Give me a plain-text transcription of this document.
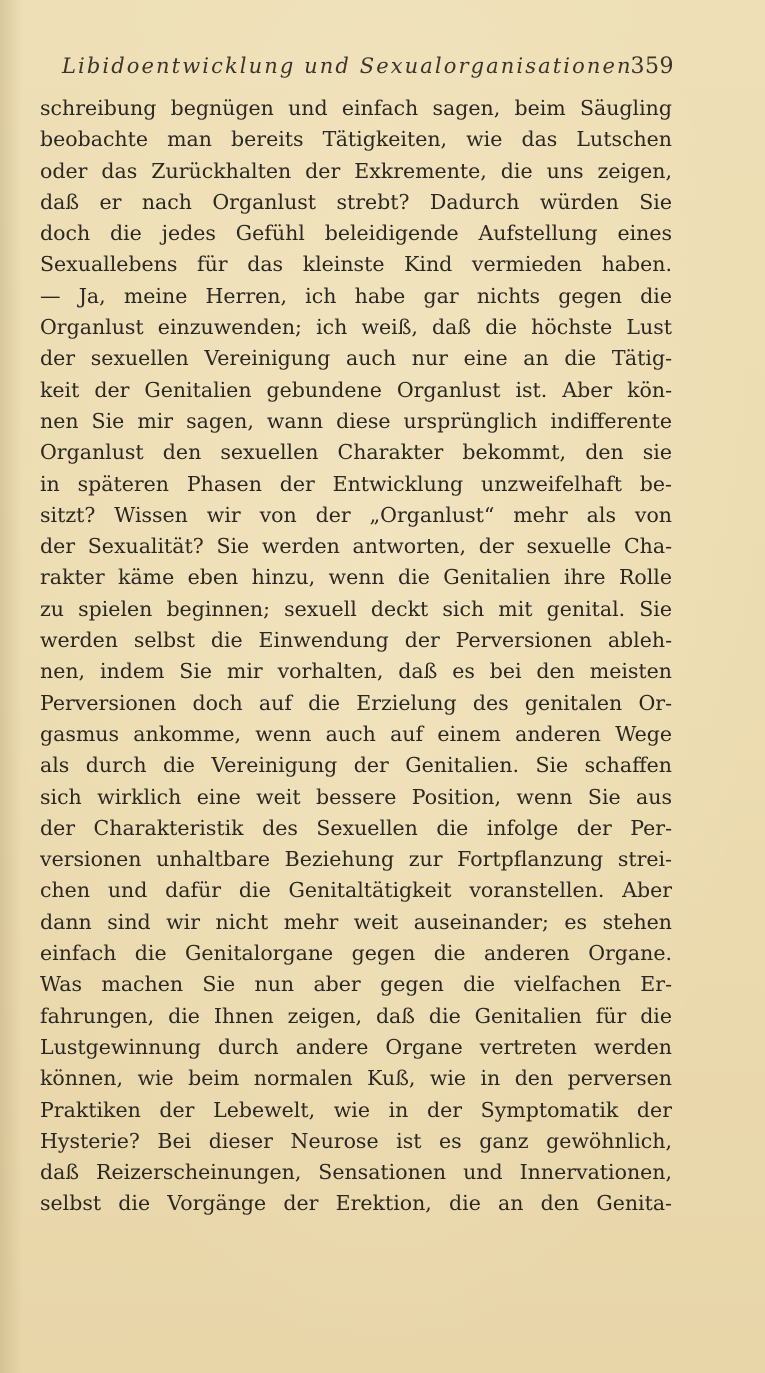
Libidoentwicklung und Sexualorganisationen
359
schreibung begnügen und einfach sagen, beim Säugling
beobachte man bereits Tätigkeiten, wie das Lutschen
oder das Zurückhalten der Exkremente, die uns zeigen,
daß er nach Organlust strebt? Dadurch würden Sie
doch die jedes Gefühl beleidigende Aufstellung eines
Sexuallebens für das kleinste Kind vermieden haben.
— Ja, meine Herren, ich habe gar nichts gegen die
Organlust einzuwenden; ich weiß, daß die höchste Lust
der sexuellen Vereinigung auch nur eine an die Tätig-
keit der Genitalien gebundene Organlust ist. Aber kön-
nen Sie mir sagen, wann diese ursprünglich indifferente
Organlust den sexuellen Charakter bekommt, den sie
in späteren Phasen der Entwicklung unzweifelhaft be-
sitzt? Wissen wir von der „Organlust“ mehr als von
der Sexualität? Sie werden antworten, der sexuelle Cha-
rakter käme eben hinzu, wenn die Genitalien ihre Rolle
zu spielen beginnen; sexuell deckt sich mit genital. Sie
werden selbst die Einwendung der Perversionen ableh-
nen, indem Sie mir vorhalten, daß es bei den meisten
Perversionen doch auf die Erzielung des genitalen Or-
gasmus ankomme, wenn auch auf einem anderen Wege
als durch die Vereinigung der Genitalien. Sie schaffen
sich wirklich eine weit bessere Position, wenn Sie aus
der Charakteristik des Sexuellen die infolge der Per-
versionen unhaltbare Beziehung zur Fortpflanzung strei-
chen und dafür die Genitaltätigkeit voranstellen. Aber
dann sind wir nicht mehr weit auseinander; es stehen
einfach die Genitalorgane gegen die anderen Organe.
Was machen Sie nun aber gegen die vielfachen Er-
fahrungen, die Ihnen zeigen, daß die Genitalien für die
Lustgewinnung durch andere Organe vertreten werden
können, wie beim normalen Kuß, wie in den perversen
Praktiken der Lebewelt, wie in der Symptomatik der
Hysterie? Bei dieser Neurose ist es ganz gewöhnlich,
daß Reizerscheinungen, Sensationen und Innervationen,
selbst die Vorgänge der Erektion, die an den Genita-
